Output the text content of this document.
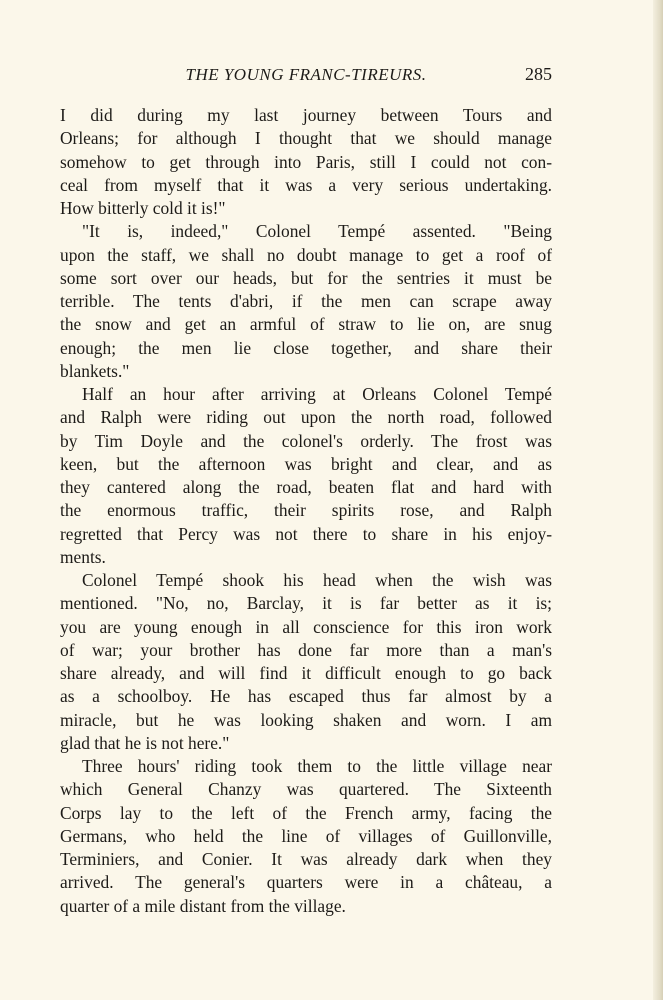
THE YOUNG FRANC-TIREURS.	285
I did during my last journey between Tours and
Orleans; for although I thought that we should manage
somehow to get through into Paris, still I could not con-
ceal from myself that it was a very serious undertaking.
How bitterly cold it is!"
"It is, indeed," Colonel Tempé assented. "Being
upon the staff, we shall no doubt manage to get a roof of
some sort over our heads, but for the sentries it must be
terrible. The tents d'abri, if the men can scrape away
the snow and get an armful of straw to lie on, are snug
enough; the men lie close together, and share their
blankets."
Half an hour after arriving at Orleans Colonel Tempé
and Ralph were riding out upon the north road, followed
by Tim Doyle and the colonel's orderly. The frost was
keen, but the afternoon was bright and clear, and as
they cantered along the road, beaten flat and hard with
the enormous traffic, their spirits rose, and Ralph
regretted that Percy was not there to share in his enjoy-
ments.
Colonel Tempé shook his head when the wish was
mentioned. "No, no, Barclay, it is far better as it is;
you are young enough in all conscience for this iron work
of war; your brother has done far more than a man's
share already, and will find it difficult enough to go back
as a schoolboy. He has escaped thus far almost by a
miracle, but he was looking shaken and worn. I am
glad that he is not here."
Three hours' riding took them to the little village near
which General Chanzy was quartered. The Sixteenth
Corps lay to the left of the French army, facing the
Germans, who held the line of villages of Guillonville,
Terminiers, and Conier. It was already dark when they
arrived. The general's quarters were in a château, a
quarter of a mile distant from the village.
